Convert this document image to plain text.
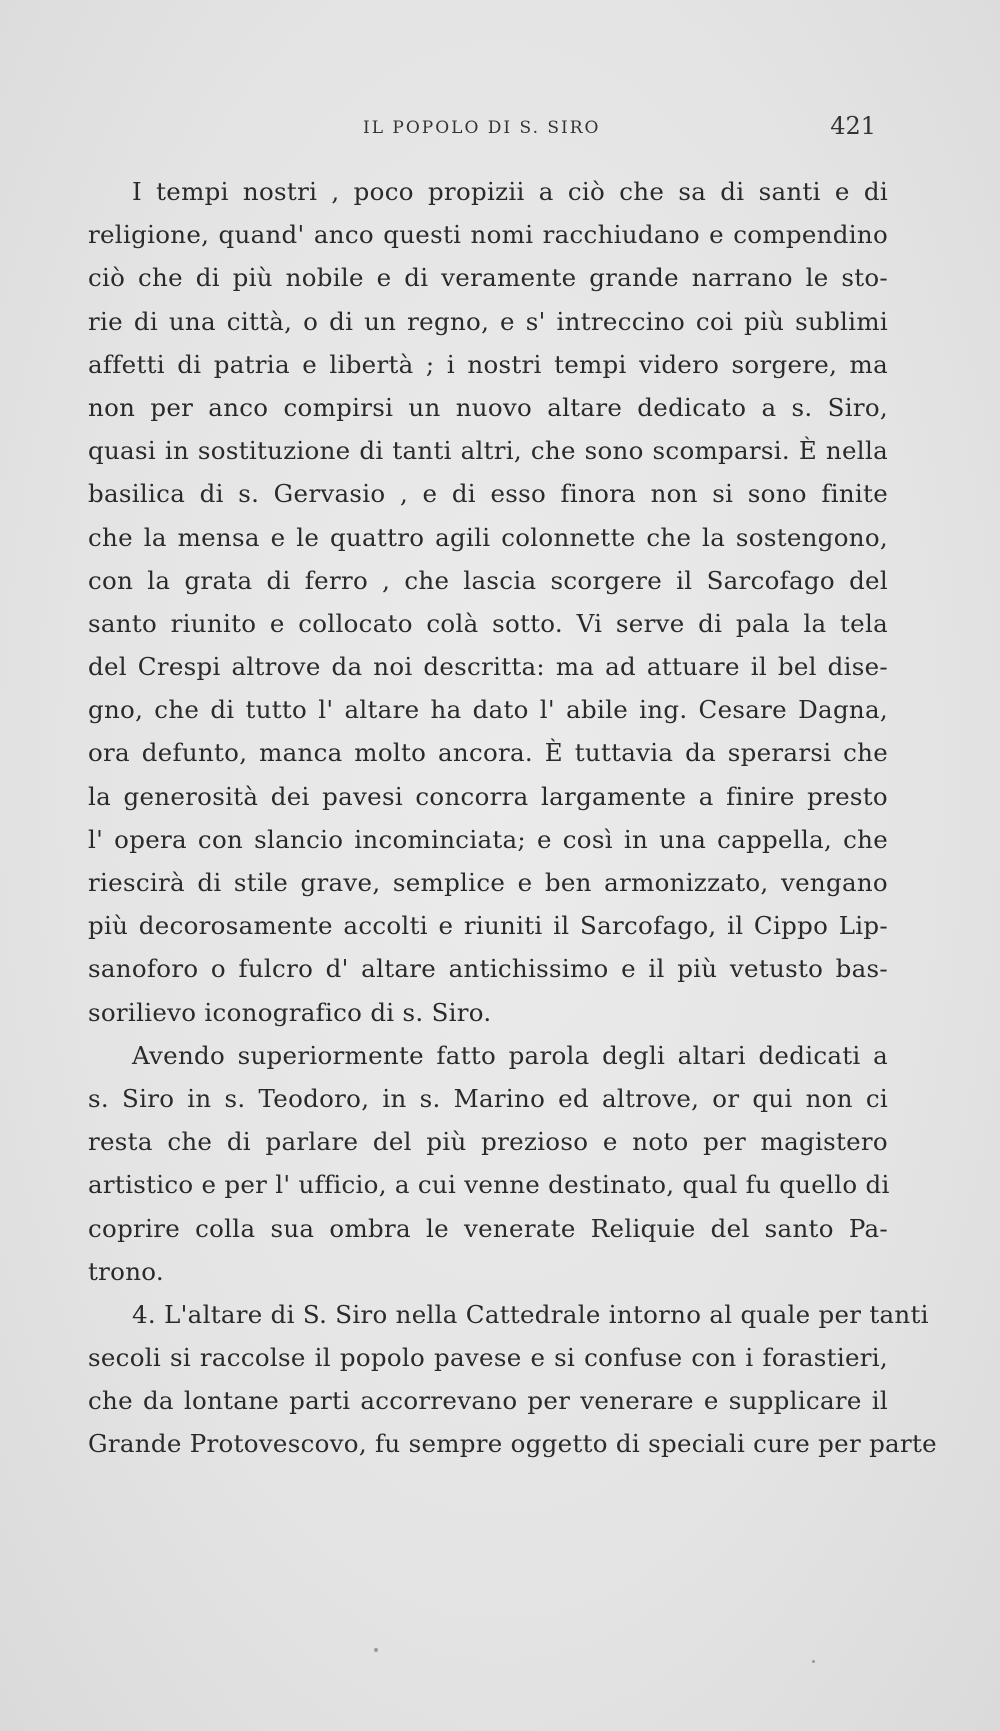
IL POPOLO DI S. SIRO	421
I tempi nostri , poco propizii a ciò che sa di santi e di
religione, quand' anco questi nomi racchiudano e compendino
ciò che di più nobile e di veramente grande narrano le sto-
rie di una città, o di un regno, e s' intreccino coi più sublimi
affetti di patria e libertà ; i nostri tempi videro sorgere, ma
non per anco compirsi un nuovo altare dedicato a s. Siro,
quasi in sostituzione di tanti altri, che sono scomparsi. È nella
basilica di s. Gervasio , e di esso finora non si sono finite
che la mensa e le quattro agili colonnette che la sostengono,
con la grata di ferro , che lascia scorgere il Sarcofago del
santo riunito e collocato colà sotto. Vi serve di pala la tela
del Crespi altrove da noi descritta: ma ad attuare il bel dise-
gno, che di tutto l' altare ha dato l' abile ing. Cesare Dagna,
ora defunto, manca molto ancora. È tuttavia da sperarsi che
la generosità dei pavesi concorra largamente a finire presto
l' opera con slancio incominciata; e così in una cappella, che
riescirà di stile grave, semplice e ben armonizzato, vengano
più decorosamente accolti e riuniti il Sarcofago, il Cippo Lip-
sanoforo o fulcro d' altare antichissimo e il più vetusto bas-
sorilievo iconografico di s. Siro.
Avendo superiormente fatto parola degli altari dedicati a
s. Siro in s. Teodoro, in s. Marino ed altrove, or qui non ci
resta che di parlare del più prezioso e noto per magistero
artistico e per l' ufficio, a cui venne destinato, qual fu quello di
coprire colla sua ombra le venerate Reliquie del santo Pa-
trono.
4. L'altare di S. Siro nella Cattedrale intorno al quale per tanti
secoli si raccolse il popolo pavese e si confuse con i forastieri,
che da lontane parti accorrevano per venerare e supplicare il
Grande Protovescovo, fu sempre oggetto di speciali cure per parte
